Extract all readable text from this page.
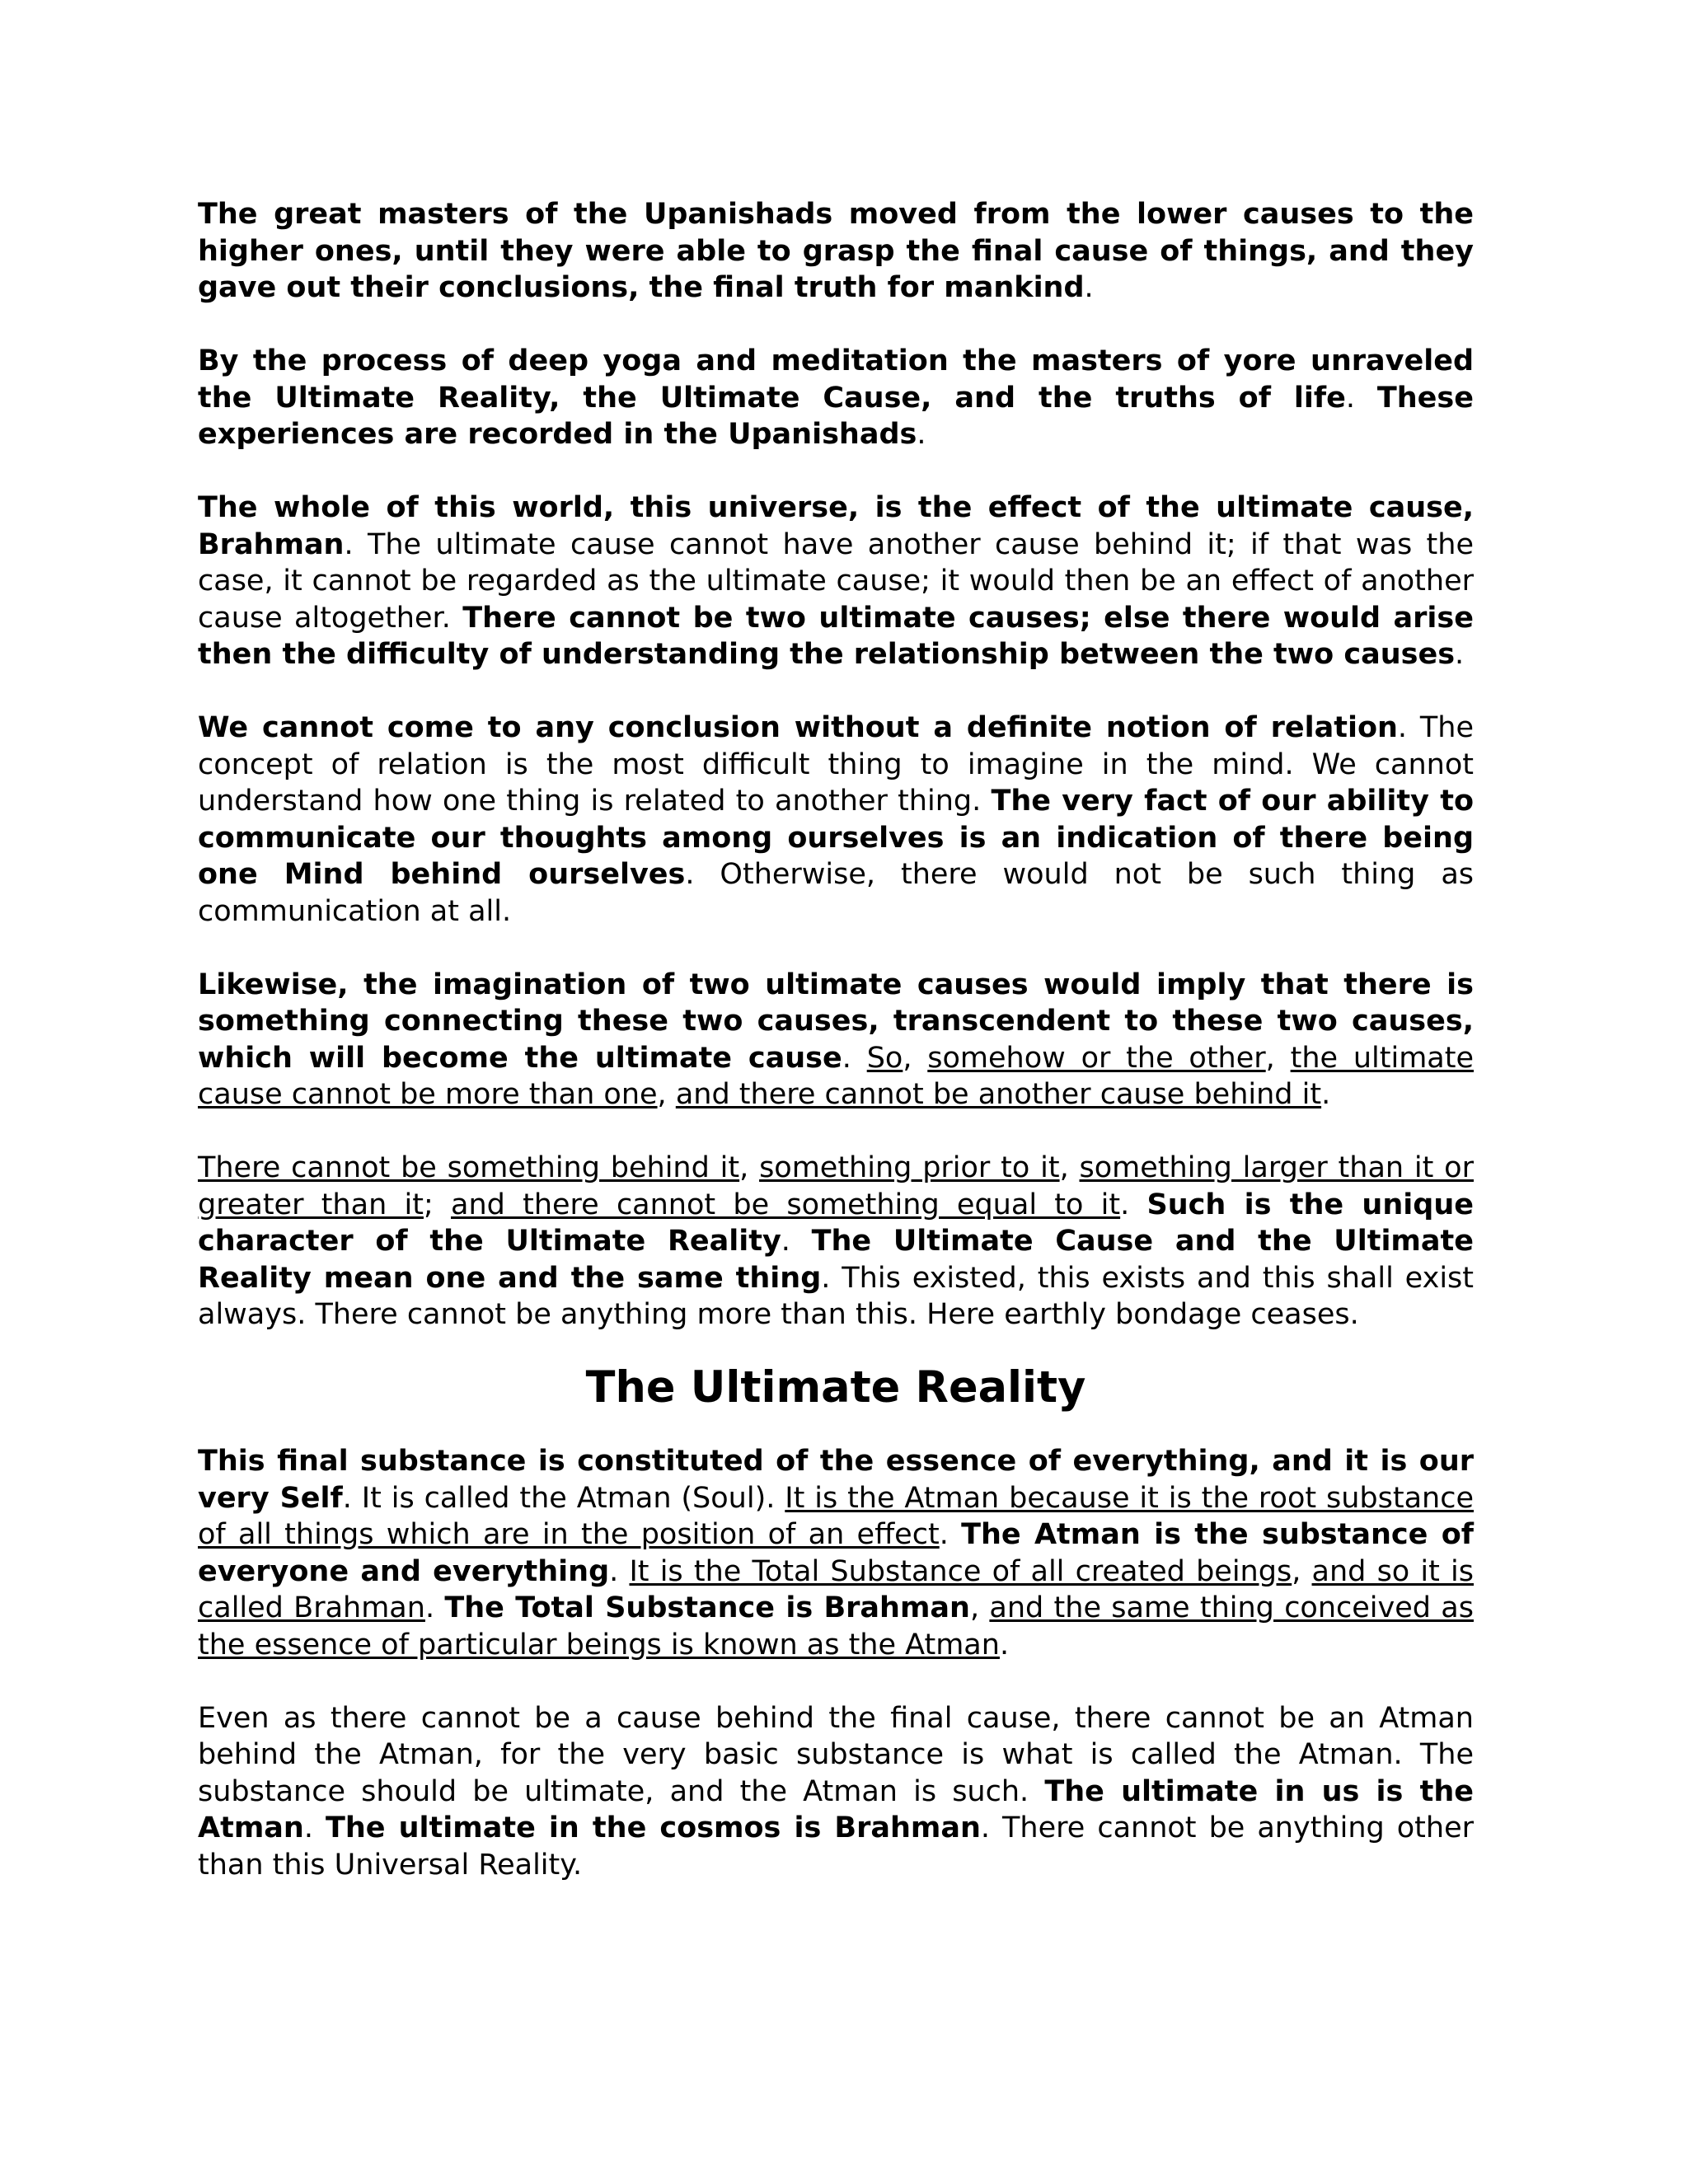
The great masters of the Upanishads moved from the lower causes to the higher ones, until they were able to grasp the final cause of things, and they gave out their conclusions, the final truth for mankind.

By the process of deep yoga and meditation the masters of yore unraveled the Ultimate Reality, the Ultimate Cause, and the truths of life. These experiences are recorded in the Upanishads.

The whole of this world, this universe, is the effect of the ultimate cause, Brahman. The ultimate cause cannot have another cause behind it; if that was the case, it cannot be regarded as the ultimate cause; it would then be an effect of another cause altogether. There cannot be two ultimate causes; else there would arise then the difficulty of understanding the relationship between the two causes.

We cannot come to any conclusion without a definite notion of relation. The concept of relation is the most difficult thing to imagine in the mind. We cannot understand how one thing is related to another thing. The very fact of our ability to communicate our thoughts among ourselves is an indication of there being one Mind behind ourselves. Otherwise, there would not be such thing as communication at all.

Likewise, the imagination of two ultimate causes would imply that there is something connecting these two causes, transcendent to these two causes, which will become the ultimate cause. So, somehow or the other, the ultimate cause cannot be more than one, and there cannot be another cause behind it.

There cannot be something behind it, something prior to it, something larger than it or greater than it; and there cannot be something equal to it. Such is the unique character of the Ultimate Reality. The Ultimate Cause and the Ultimate Reality mean one and the same thing. This existed, this exists and this shall exist always. There cannot be anything more than this. Here earthly bondage ceases.

The Ultimate Reality

This final substance is constituted of the essence of everything, and it is our very Self. It is called the Atman (Soul). It is the Atman because it is the root substance of all things which are in the position of an effect. The Atman is the substance of everyone and everything. It is the Total Substance of all created beings, and so it is called Brahman. The Total Substance is Brahman, and the same thing conceived as the essence of particular beings is known as the Atman.

Even as there cannot be a cause behind the final cause, there cannot be an Atman behind the Atman, for the very basic substance is what is called the Atman. The substance should be ultimate, and the Atman is such. The ultimate in us is the Atman. The ultimate in the cosmos is Brahman. There cannot be anything other than this Universal Reality.
